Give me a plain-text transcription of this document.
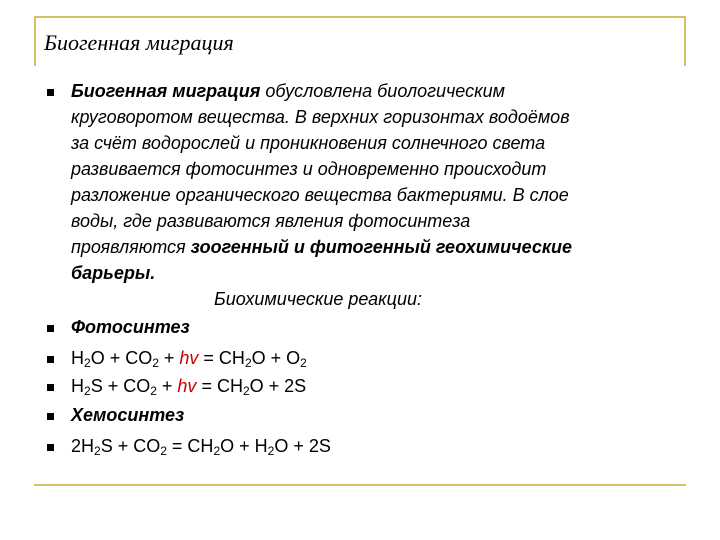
Биогенная миграция
Биогенная миграция обусловлена биологическим
круговоротом вещества. В верхних горизонтах водоёмов
за счёт водорослей и проникновения солнечного света
развивается фотосинтез и одновременно происходит
разложение органического вещества бактериями. В слое
воды, где развиваются явления фотосинтеза
проявляются зоогенный и фитогенный геохимические
барьеры.
Биохимические реакции:
Фотосинтез
$H_2O + CO_2$ + hv = $CH_2O + O_2$
$H_2S + CO_2$ + hv = $CH_2O + 2S$
Хемосинтез
$2H_2S + CO_2 = CH_2O + H_2O + 2S$
